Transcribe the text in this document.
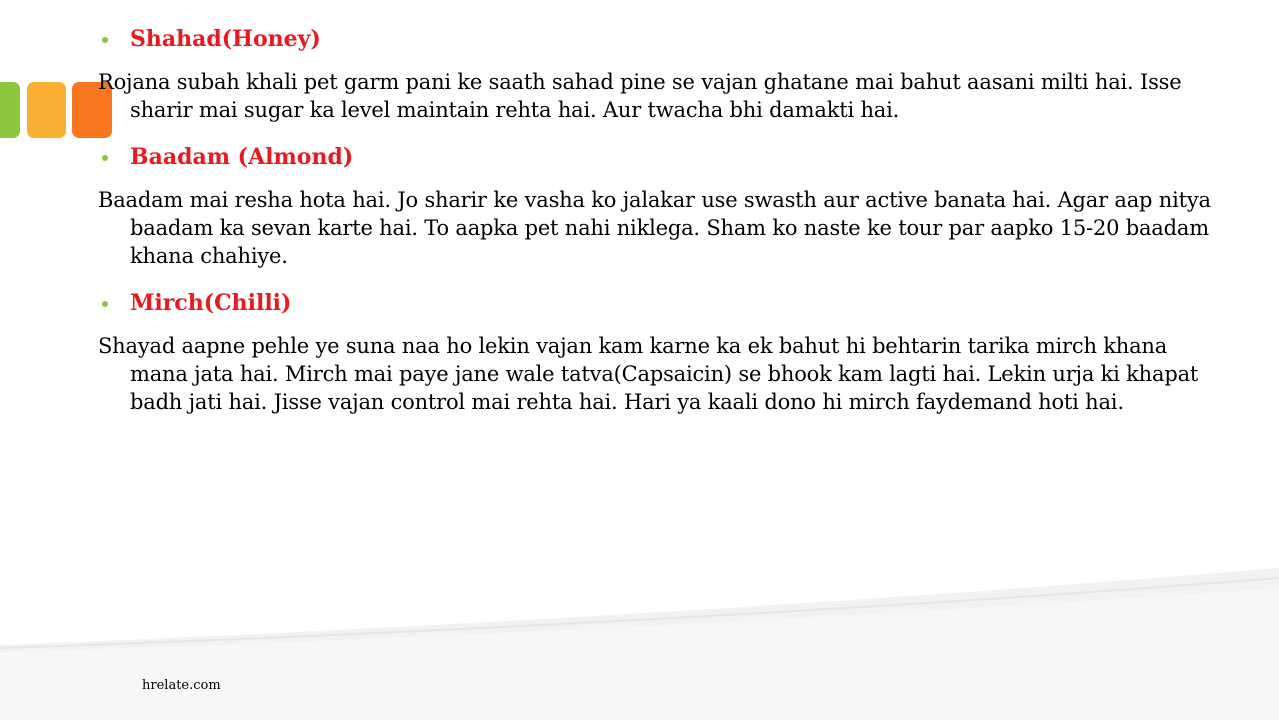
Shahad(Honey)

Rojana subah khali pet garm pani ke saath sahad pine se vajan ghatane mai bahut aasani milti hai. Isse sharir mai sugar ka level maintain rehta hai. Aur twacha bhi damakti hai.

Baadam (Almond)

Baadam mai resha hota hai. Jo sharir ke vasha ko jalakar use swasth aur active banata hai. Agar aap nitya baadam ka sevan karte hai. To aapka pet nahi niklega. Sham ko naste ke tour par aapko 15-20 baadam khana chahiye.

Mirch(Chilli)

Shayad aapne pehle ye suna naa ho lekin vajan kam karne ka ek bahut hi behtarin tarika mirch khana mana jata hai. Mirch mai paye jane wale tatva(Capsaicin) se bhook kam lagti hai. Lekin urja ki khapat badh jati hai. Jisse vajan control mai rehta hai. Hari ya kaali dono hi mirch faydemand hoti hai.

hrelate.com
